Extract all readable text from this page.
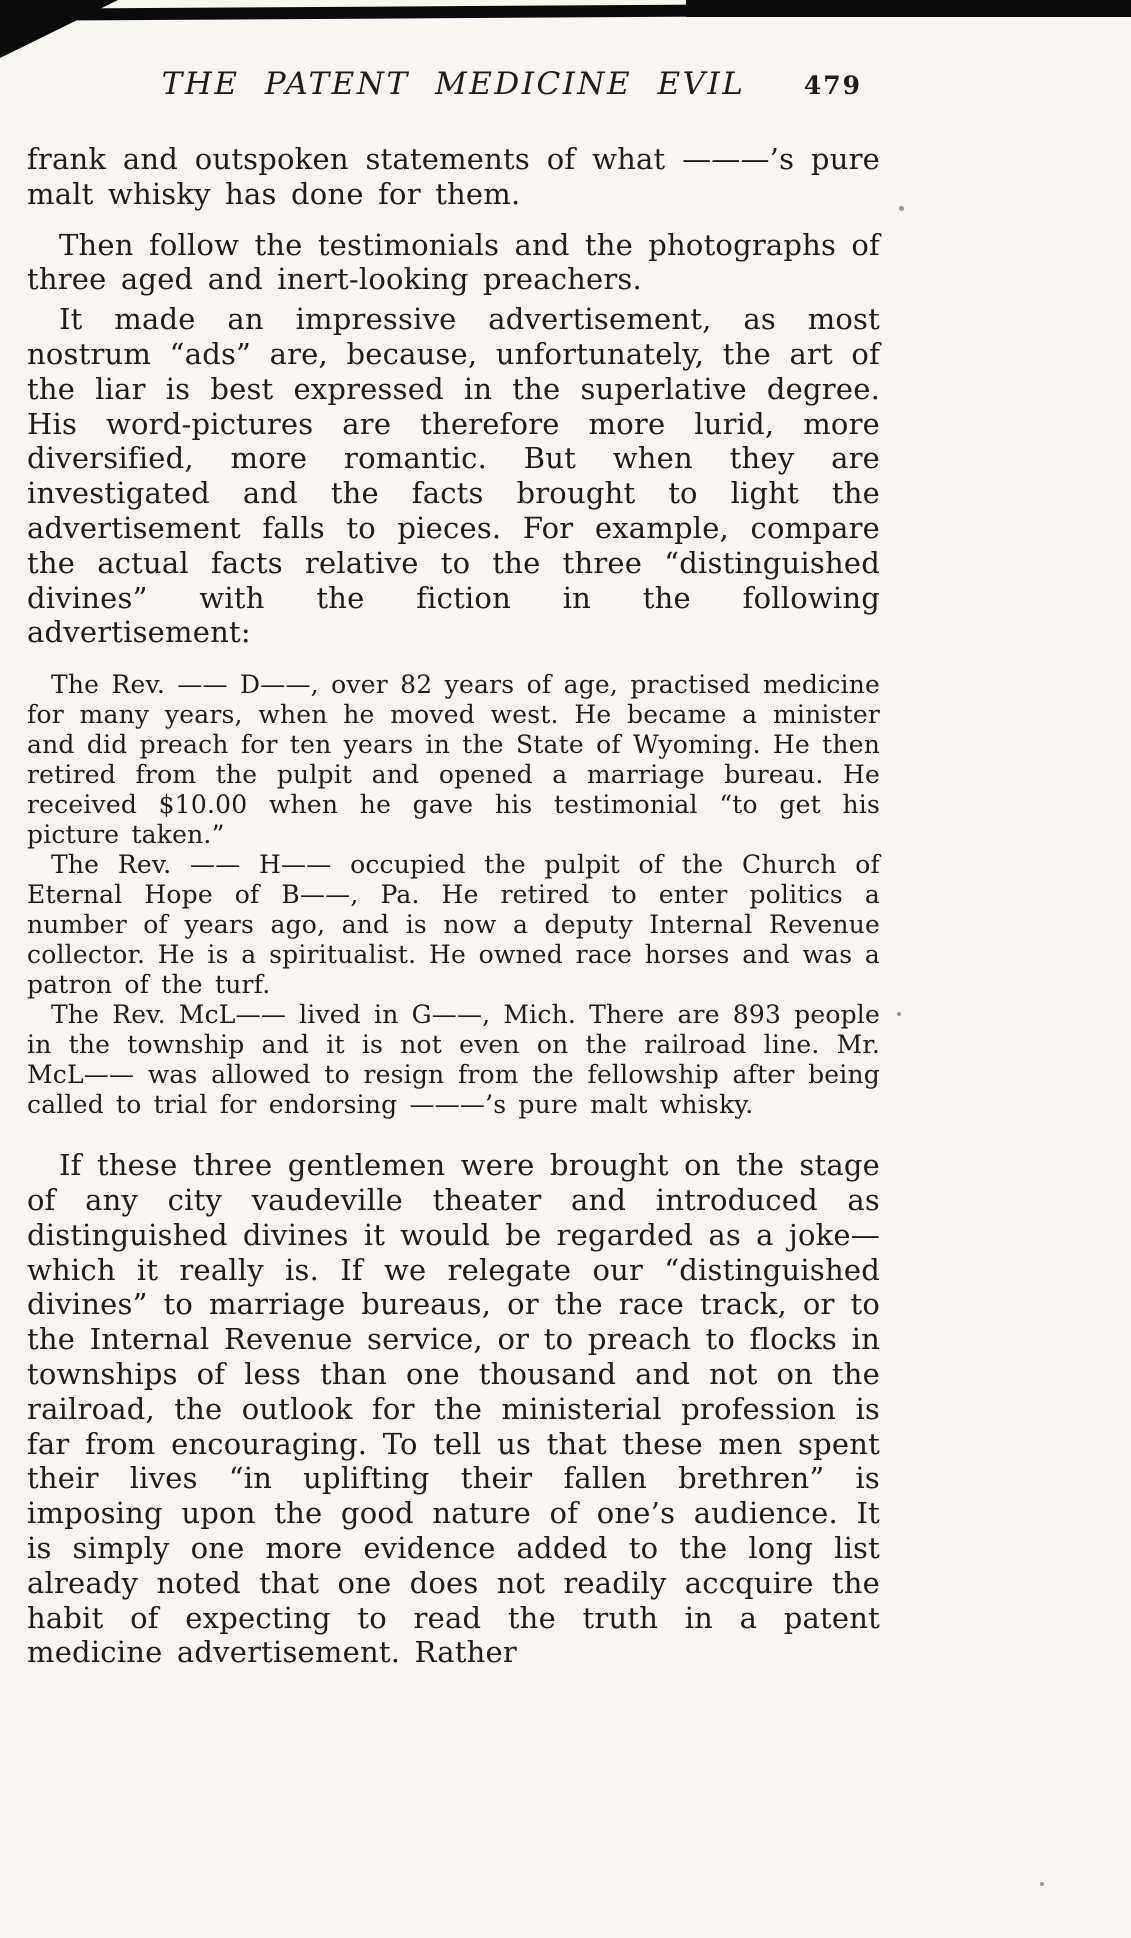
THE PATENT MEDICINE EVIL 479

frank and outspoken statements of what ———’s pure malt whisky has done for them.

Then follow the testimonials and the photographs of three aged and inert-looking preachers.

It made an impressive advertisement, as most nostrum “ads” are, because, unfortunately, the art of the liar is best expressed in the superlative degree. His word-pictures are therefore more lurid, more diversified, more romantic. But when they are investigated and the facts brought to light the advertisement falls to pieces. For example, compare the actual facts relative to the three “distinguished divines” with the fiction in the following advertisement:

The Rev. —— D——, over 82 years of age, practised medicine for many years, when he moved west. He became a minister and did preach for ten years in the State of Wyoming. He then retired from the pulpit and opened a marriage bureau. He received $10.00 when he gave his testimonial “to get his picture taken.”

The Rev. —— H—— occupied the pulpit of the Church of Eternal Hope of B——, Pa. He retired to enter politics a number of years ago, and is now a deputy Internal Revenue collector. He is a spiritualist. He owned race horses and was a patron of the turf.

The Rev. McL—— lived in G——, Mich. There are 893 people in the township and it is not even on the railroad line. Mr. McL—— was allowed to resign from the fellowship after being called to trial for endorsing ———’s pure malt whisky.

If these three gentlemen were brought on the stage of any city vaudeville theater and introduced as distinguished divines it would be regarded as a joke—which it really is. If we relegate our “distinguished divines” to marriage bureaus, or the race track, or to the Internal Revenue service, or to preach to flocks in townships of less than one thousand and not on the railroad, the outlook for the ministerial profession is far from encouraging. To tell us that these men spent their lives “in uplifting their fallen brethren” is imposing upon the good nature of one’s audience. It is simply one more evidence added to the long list already noted that one does not readily accquire the habit of expecting to read the truth in a patent medicine advertisement. Rather
